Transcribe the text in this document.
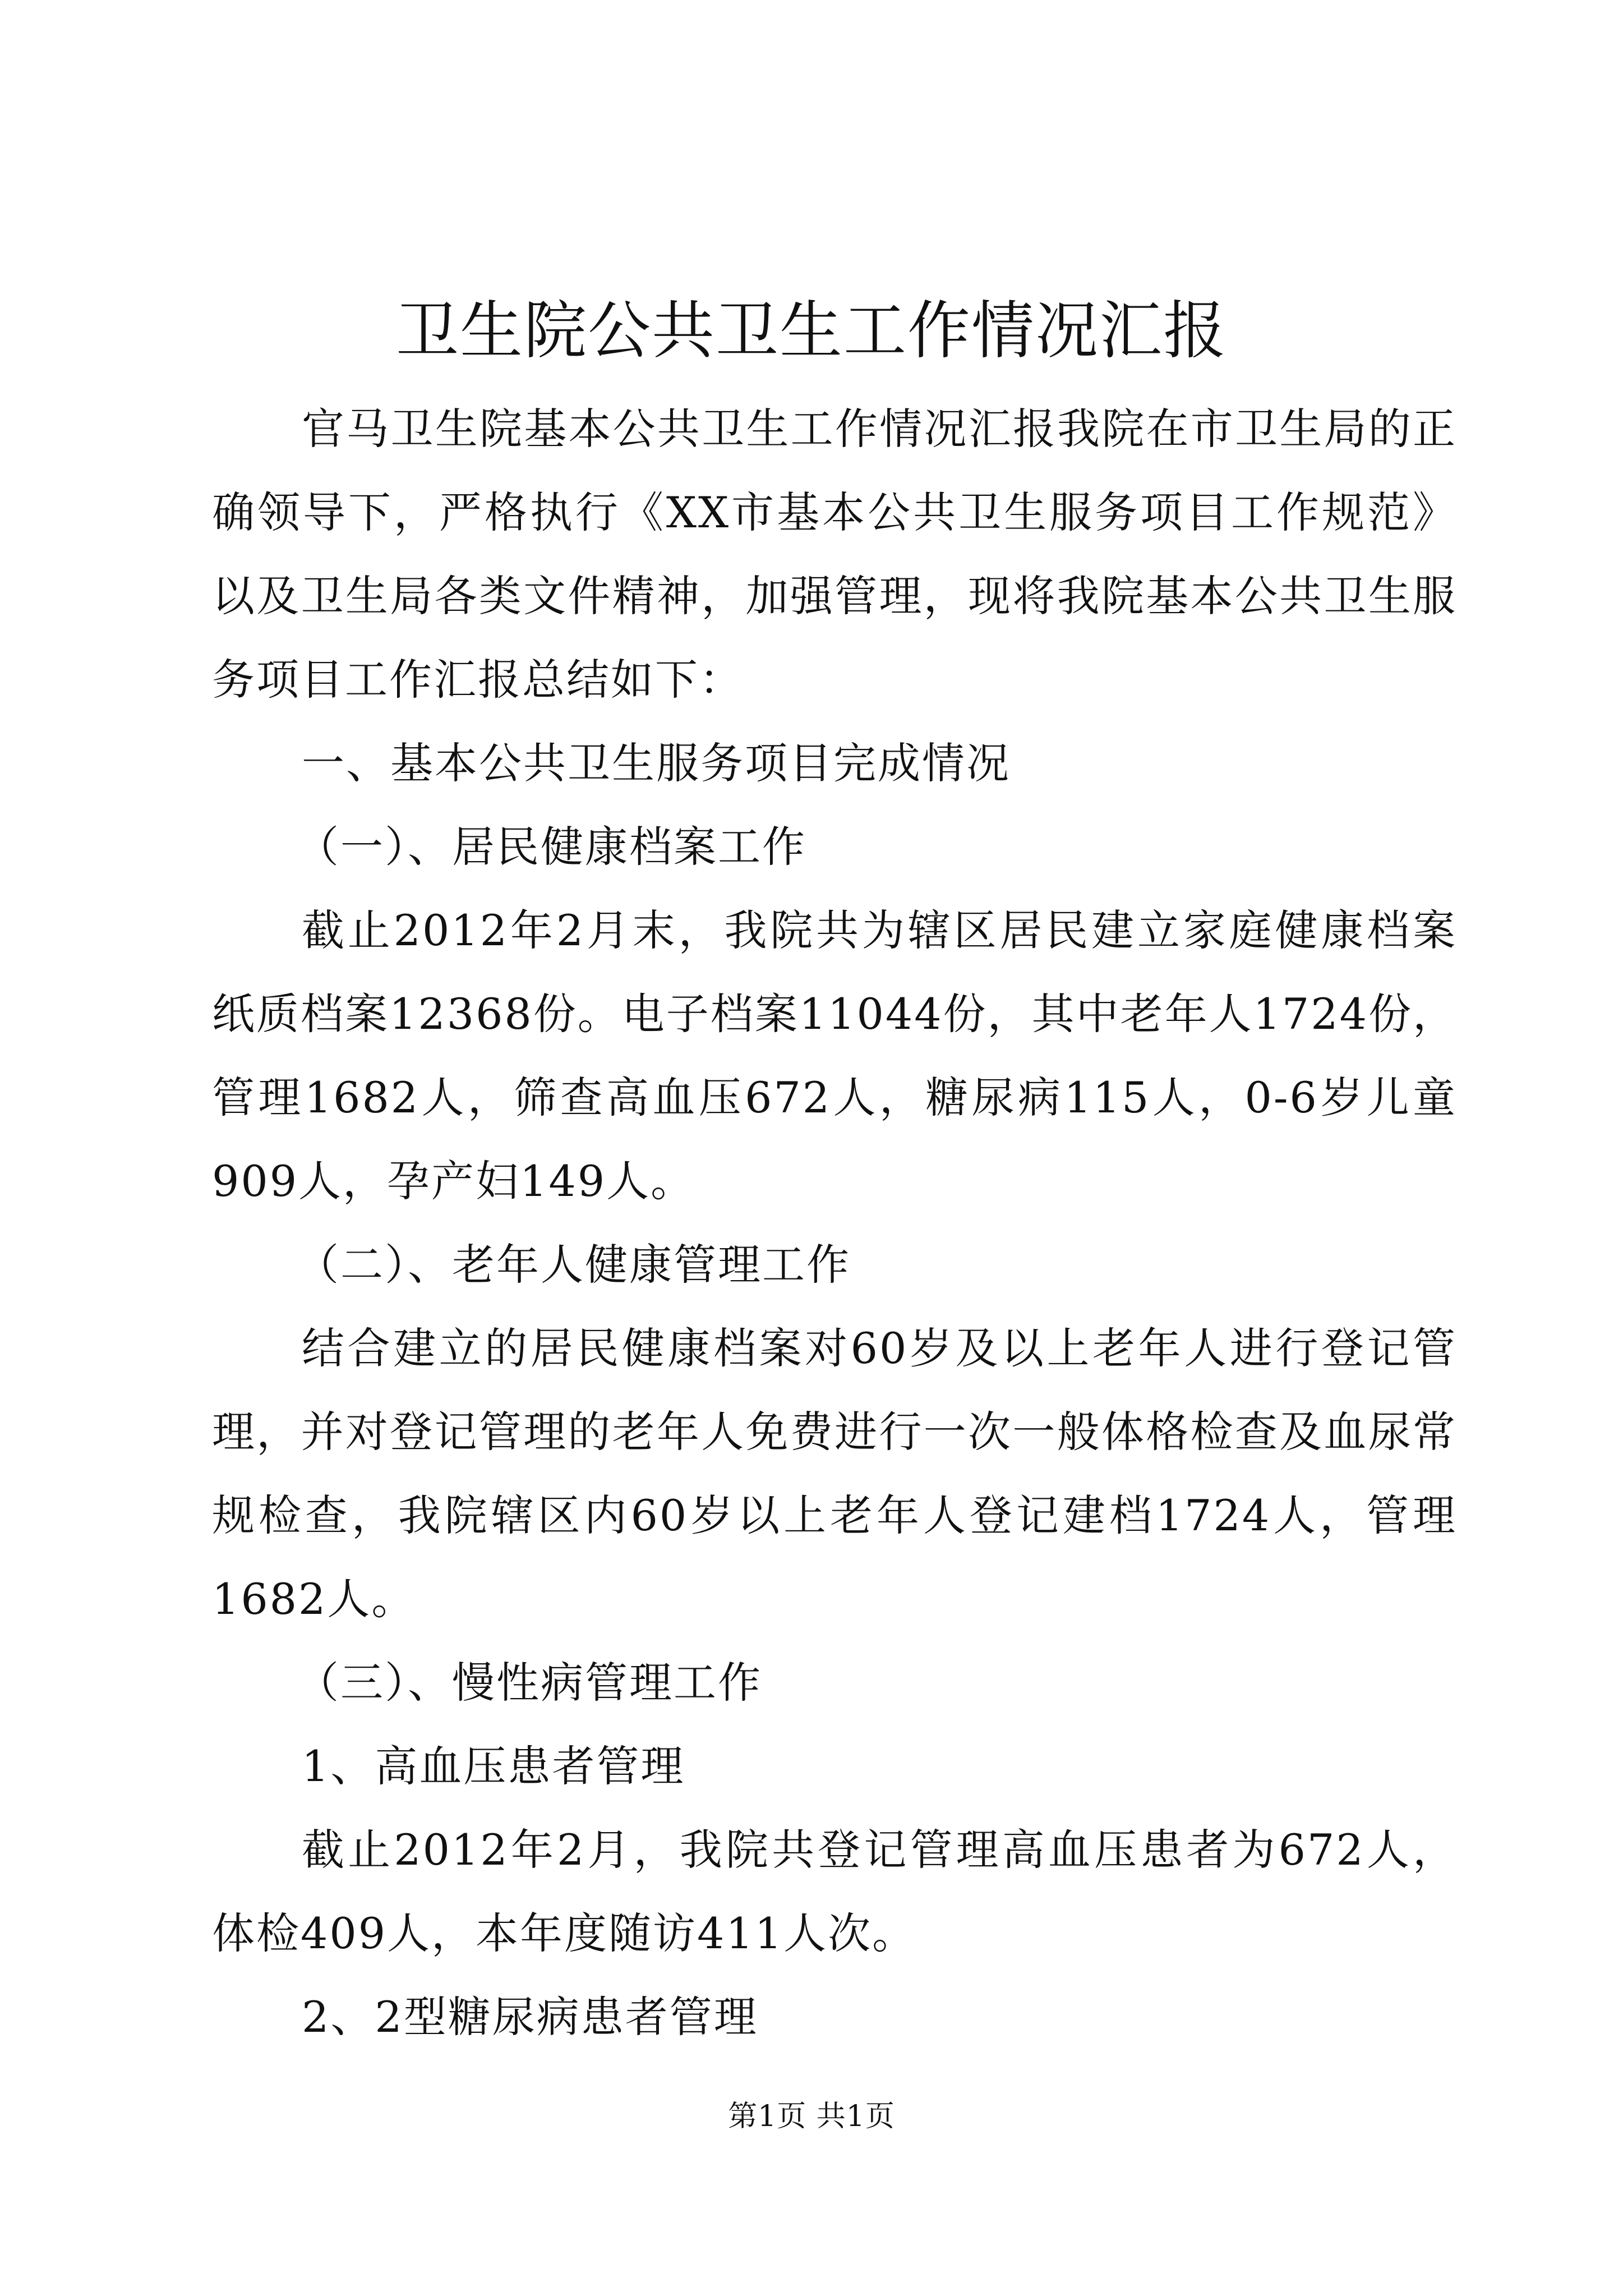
卫生院公共卫生工作情况汇报

官马卫生院基本公共卫生工作情况汇报我院在市卫生局的正确领导下，严格执行《XX市基本公共卫生服务项目工作规范》以及卫生局各类文件精神，加强管理，现将我院基本公共卫生服务项目工作汇报总结如下：

一、基本公共卫生服务项目完成情况

（一）、居民健康档案工作

截止2012年2月末，我院共为辖区居民建立家庭健康档案纸质档案12368份。电子档案11044份，其中老年人1724份，管理1682人，筛查高血压672人，糖尿病115人，0-6岁儿童909人，孕产妇149人。

（二）、老年人健康管理工作

结合建立的居民健康档案对60岁及以上老年人进行登记管理，并对登记管理的老年人免费进行一次一般体格检查及血尿常规检查，我院辖区内60岁以上老年人登记建档1724人，管理1682人。

（三）、慢性病管理工作

1、高血压患者管理

截止2012年2月，我院共登记管理高血压患者为672人，体检409人，本年度随访411人次。

2、2型糖尿病患者管理

第1页 共1页
